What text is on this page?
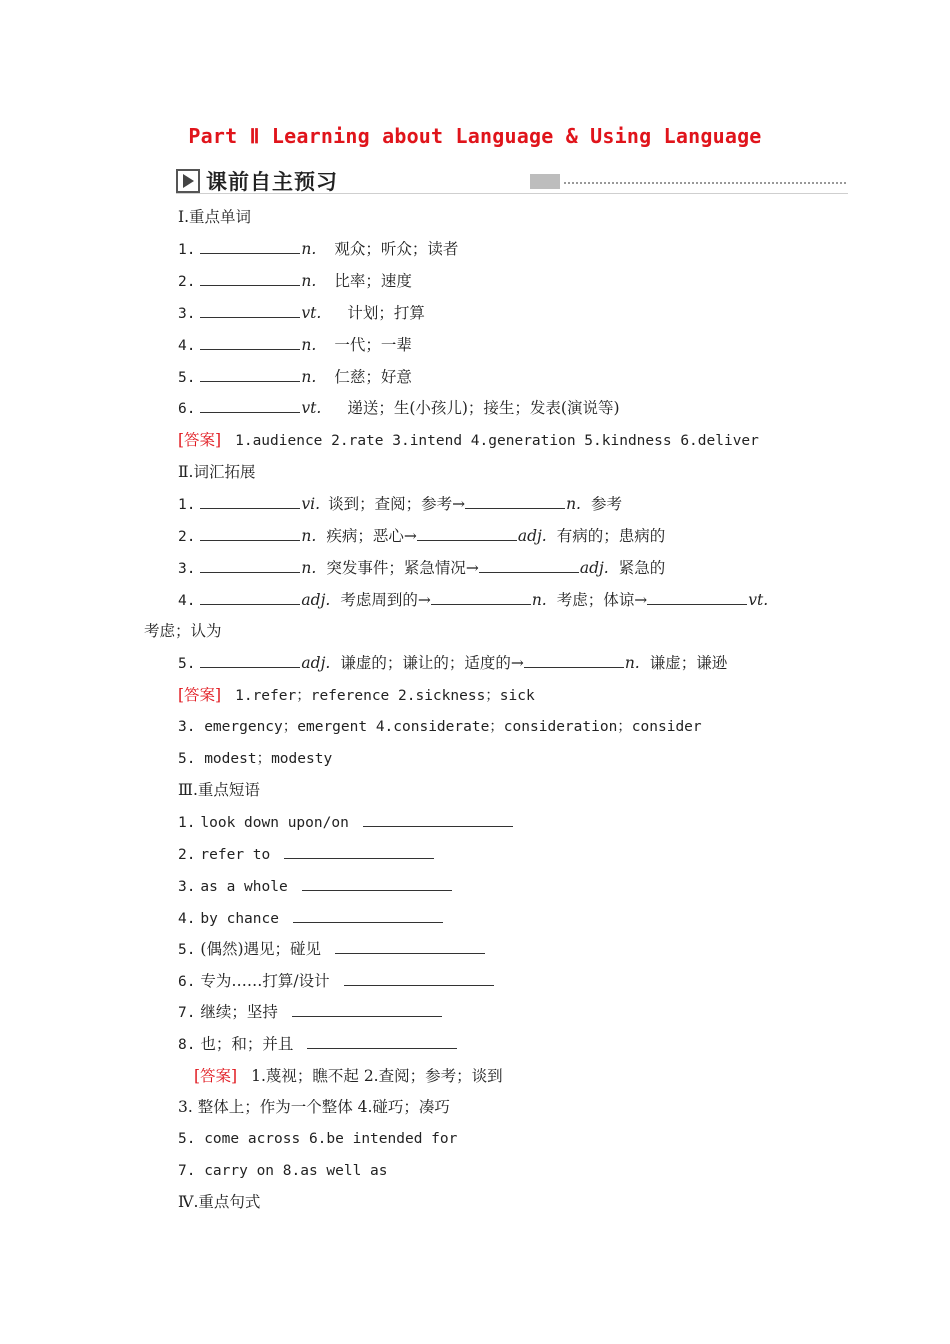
Part Ⅱ Learning about Language & Using Language
课前自主预习
Ⅰ.重点单词
1.	n. 观众；听众；读者
2.	n. 比率；速度
3.	vt. 计划；打算
4.	n. 一代；一辈
5.	n. 仁慈；好意
6.	vt. 递送；生(小孩儿)；接生；发表(演说等)
[答案] 1.audience 2.rate 3.intend 4.generation 5.kindness 6.deliver
Ⅱ.词汇拓展
1.	vi. 谈到；查阅；参考→	n. 参考
2.	n. 疾病；恶心→	adj. 有病的；患病的
3.	n. 突发事件；紧急情况→	adj. 紧急的
4.	adj. 考虑周到的→	n. 考虑；体谅→	vt.
考虑；认为
5.	adj. 谦虚的；谦让的；适度的→	n. 谦虚；谦逊
[答案] 1.refer；reference 2.sickness；sick
3. emergency；emergent 4.considerate；consideration；consider
5. modest；modesty
Ⅲ.重点短语
1. look down upon/on
2. refer to
3. as a whole
4. by chance
5. (偶然)遇见；碰见
6. 专为……打算/设计
7. 继续；坚持
8. 也；和；并且
[答案] 1.蔑视；瞧不起 2.查阅；参考；谈到
3. 整体上；作为一个整体 4.碰巧；凑巧
5. come across 6.be intended for
7. carry on 8.as well as
Ⅳ.重点句式
